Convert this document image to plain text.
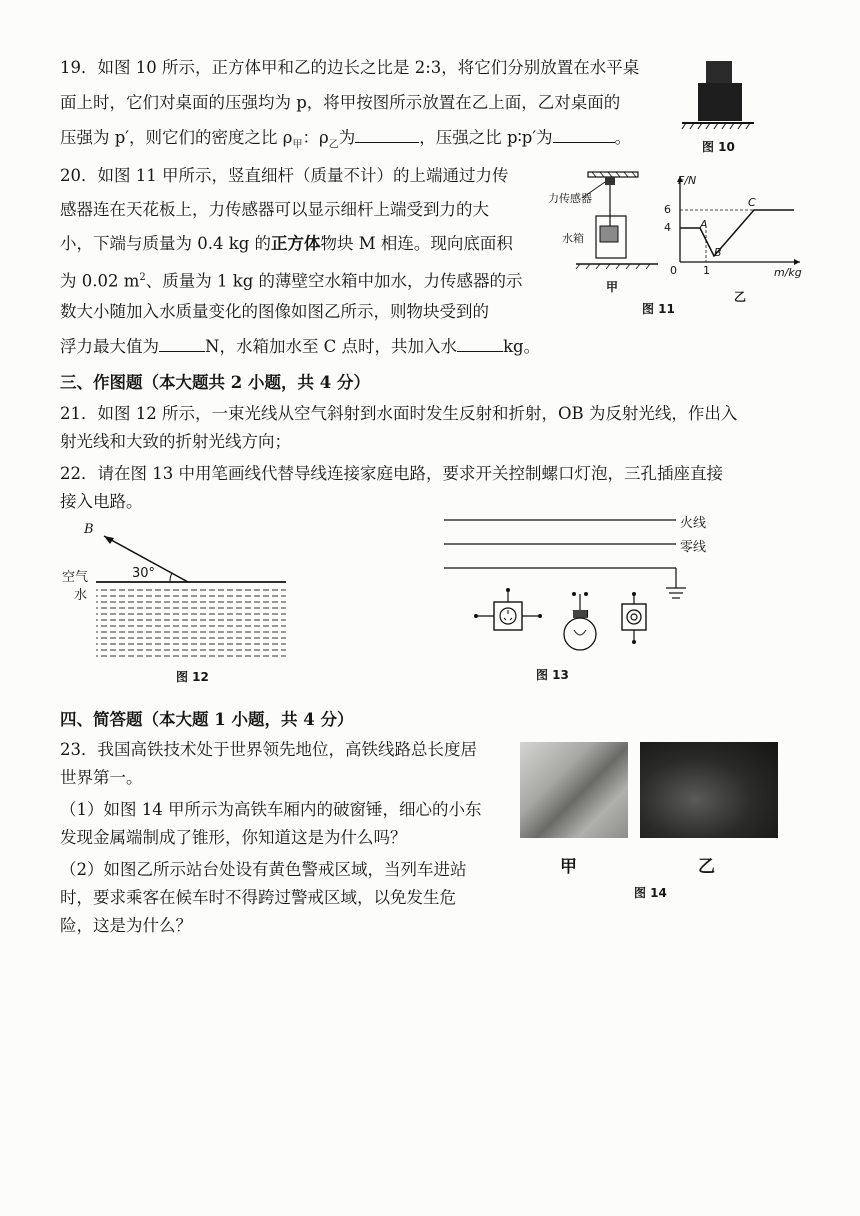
19．如图 10 所示，正方体甲和乙的边长之比是 2:3，将它们分别放置在水平桌
面上时，它们对桌面的压强均为 p，将甲按图所示放置在乙上面，乙对桌面的
压强为 p′，则它们的密度之比 $\rho_甲$：$\rho_乙$为	，压强之比 p∶p′为	。	图 10
20．如图 11 甲所示，竖直细杆（质量不计）的上端通过力传
感器连在天花板上，力传感器可以显示细杆上端受到力的大
小，下端与质量为 0.4 kg 的正方体物块 M 相连。现向底面积
为 0.02 $m^2$、质量为 1 kg 的薄壁空水箱中加水，力传感器的示
数大小随加入水质量变化的图像如图乙所示，则物块受到的
浮力最大值为	N，水箱加水至 C 点时，共加入水	kg。
力传感器
水箱
甲
F/N
6
4
0 1
A
B
C
m/kg
乙
图 11
三、作图题（本大题共 2 小题，共 4 分）
21．如图 12 所示，一束光线从空气斜射到水面时发生反射和折射，OB 为反射光线，作出入
射光线和大致的折射光线方向；
22．请在图 13 中用笔画线代替导线连接家庭电路，要求开关控制螺口灯泡，三孔插座直接
接入电路。
B
30°
空气
水
图 12
火线
零线
图 13
四、简答题（本大题 1 小题，共 4 分）
23．我国高铁技术处于世界领先地位，高铁线路总长度居
世界第一。
（1）如图 14 甲所示为高铁车厢内的破窗锤，细心的小东
发现金属端制成了锥形，你知道这是为什么吗？
（2）如图乙所示站台处设有黄色警戒区域，当列车进站
时，要求乘客在候车时不得跨过警戒区域，以免发生危
险，这是为什么？
甲	乙
图 14
